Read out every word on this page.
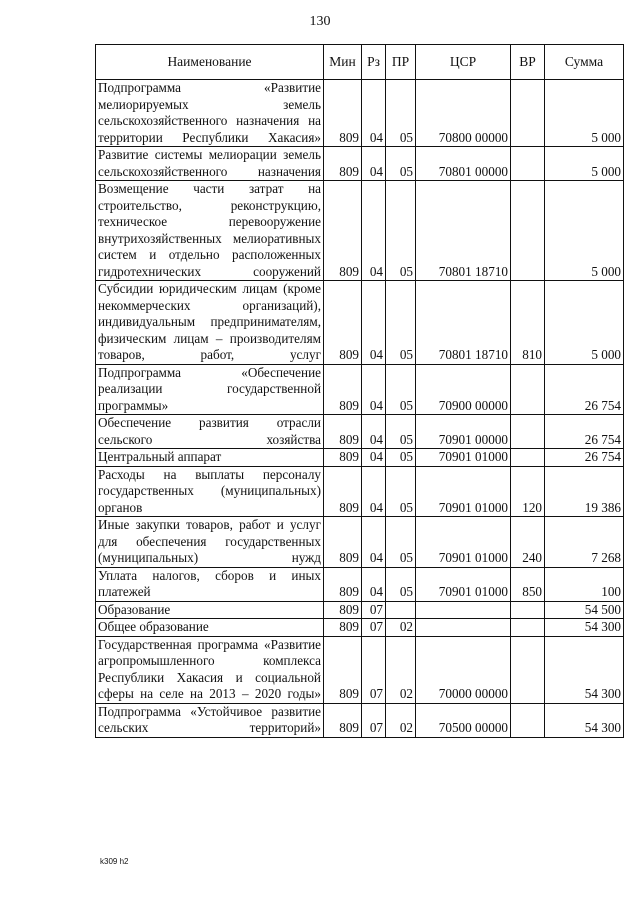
130
Наименование	Мин	Рз	ПР	ЦСР	ВР	Сумма
Подпрограмма «Развитие мелиорируемых земель сельскохозяйственного назначения на территории Республики Хакасия»	809	04	05	70800 00000		5 000
Развитие системы мелиорации земель сельскохозяйственного назначения	809	04	05	70801 00000		5 000
Возмещение части затрат на строительство, реконструкцию, техническое перевооружение внутрихозяйственных мелиоративных систем и отдельно расположенных гидротехнических сооружений	809	04	05	70801 18710		5 000
Субсидии юридическим лицам (кроме некоммерческих организаций), индивидуальным предпринимателям, физическим лицам – производителям товаров, работ, услуг	809	04	05	70801 18710	810	5 000
Подпрограмма «Обеспечение реализации государственной программы»	809	04	05	70900 00000		26 754
Обеспечение развития отрасли сельского хозяйства	809	04	05	70901 00000		26 754
Центральный аппарат	809	04	05	70901 01000		26 754
Расходы на выплаты персоналу государственных (муниципальных) органов	809	04	05	70901 01000	120	19 386
Иные закупки товаров, работ и услуг для обеспечения государственных (муниципальных) нужд	809	04	05	70901 01000	240	7 268
Уплата налогов, сборов и иных платежей	809	04	05	70901 01000	850	100
Образование	809	07				54 500
Общее образование	809	07	02			54 300
Государственная программа «Развитие агропромышленного комплекса Республики Хакасия и социальной сферы на селе на 2013 – 2020 годы»	809	07	02	70000 00000		54 300
Подпрограмма «Устойчивое развитие сельских территорий»	809	07	02	70500 00000		54 300
k309 h2
